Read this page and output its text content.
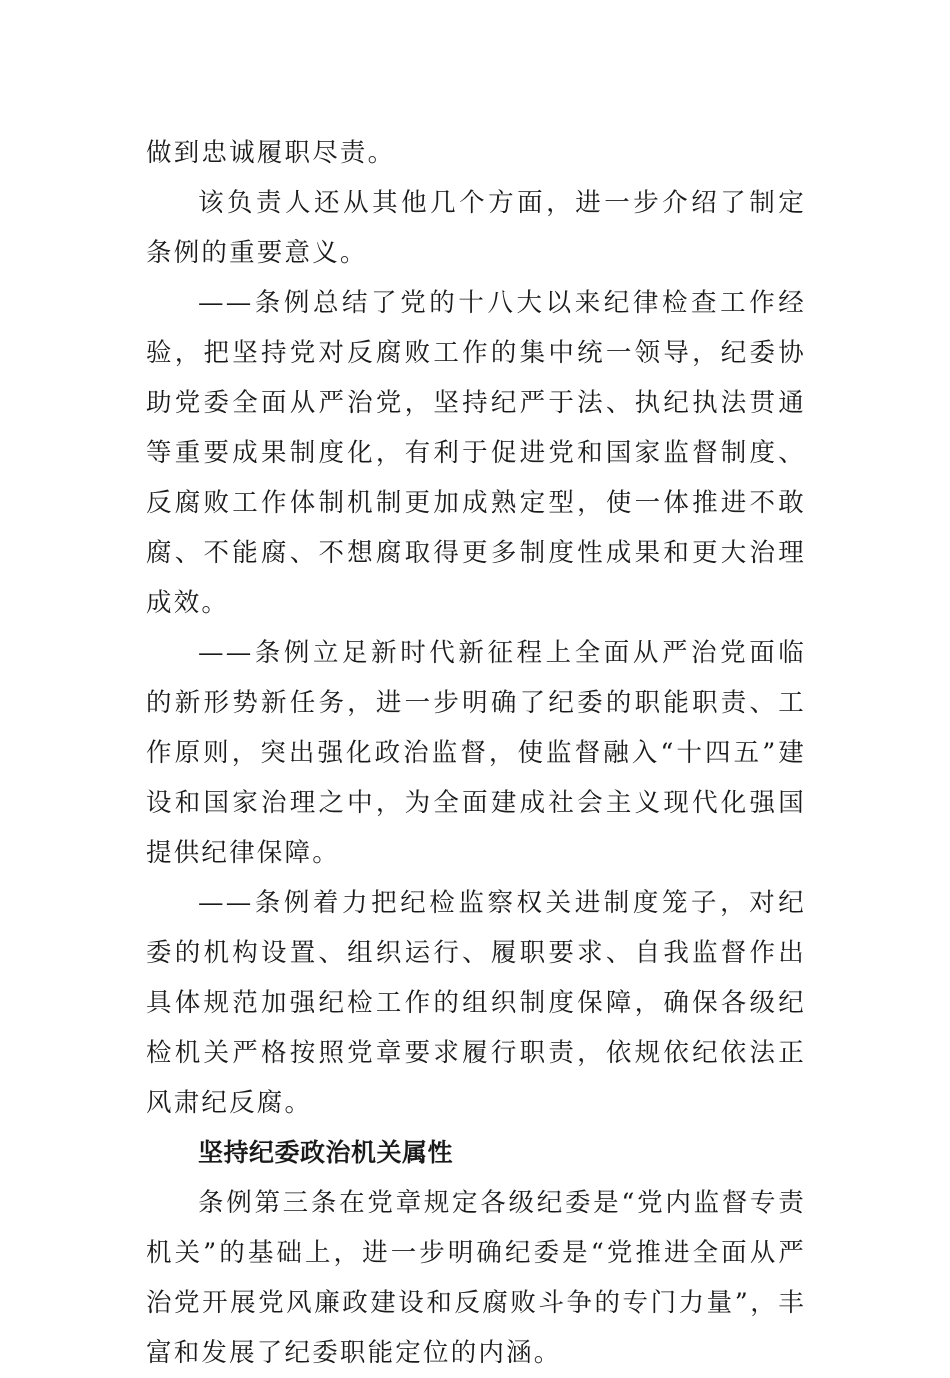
做到忠诚履职尽责。

该负责人还从其他几个方面，进一步介绍了制定条例的重要意义。

——条例总结了党的十八大以来纪律检查工作经验，把坚持党对反腐败工作的集中统一领导，纪委协助党委全面从严治党，坚持纪严于法、执纪执法贯通等重要成果制度化，有利于促进党和国家监督制度、反腐败工作体制机制更加成熟定型，使一体推进不敢腐、不能腐、不想腐取得更多制度性成果和更大治理成效。

——条例立足新时代新征程上全面从严治党面临的新形势新任务，进一步明确了纪委的职能职责、工作原则，突出强化政治监督，使监督融入“十四五”建设和国家治理之中，为全面建成社会主义现代化强国提供纪律保障。

——条例着力把纪检监察权关进制度笼子，对纪委的机构设置、组织运行、履职要求、自我监督作出具体规范加强纪检工作的组织制度保障，确保各级纪检机关严格按照党章要求履行职责，依规依纪依法正风肃纪反腐。

坚持纪委政治机关属性

条例第三条在党章规定各级纪委是“党内监督专责机关”的基础上，进一步明确纪委是“党推进全面从严治党开展党风廉政建设和反腐败斗争的专门力量”，丰富和发展了纪委职能定位的内涵。
